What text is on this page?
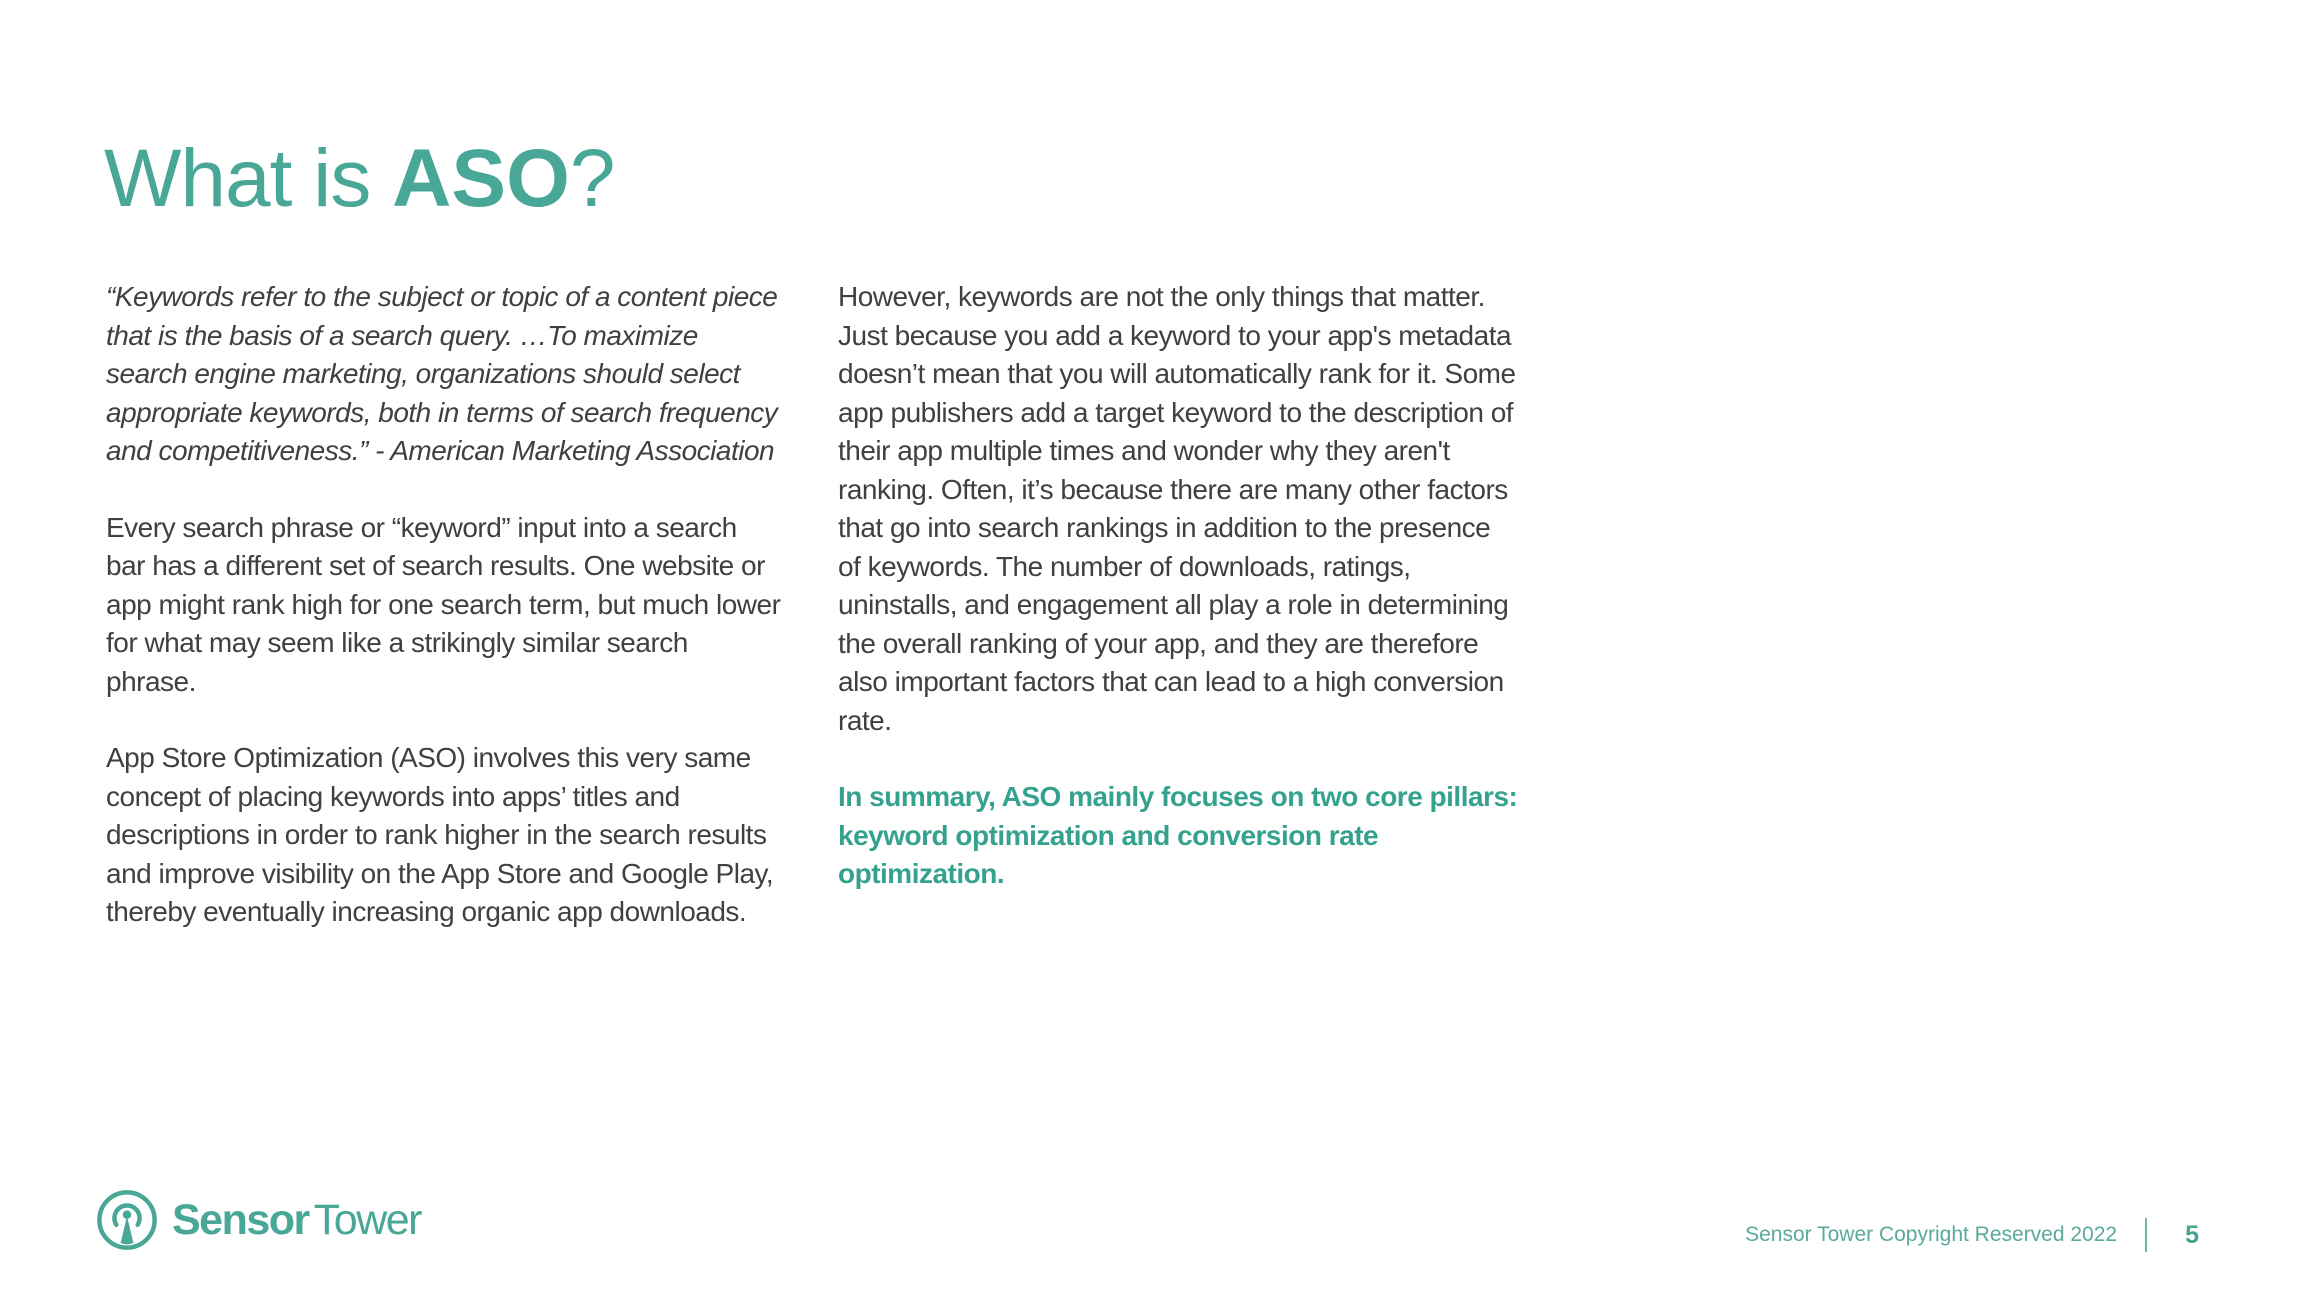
What is ASO?

“Keywords refer to the subject or topic of a content piece that is the basis of a search query. …To maximize search engine marketing, organizations should select appropriate keywords, both in terms of search frequency and competitiveness.” - American Marketing Association

Every search phrase or “keyword” input into a search bar has a different set of search results. One website or app might rank high for one search term, but much lower for what may seem like a strikingly similar search phrase.

App Store Optimization (ASO) involves this very same concept of placing keywords into apps’ titles and descriptions in order to rank higher in the search results and improve visibility on the App Store and Google Play, thereby eventually increasing organic app downloads.

However, keywords are not the only things that matter. Just because you add a keyword to your app's metadata doesn’t mean that you will automatically rank for it. Some app publishers add a target keyword to the description of their app multiple times and wonder why they aren't ranking. Often, it’s because there are many other factors that go into search rankings in addition to the presence of keywords. The number of downloads, ratings, uninstalls, and engagement all play a role in determining the overall ranking of your app, and they are therefore also important factors that can lead to a high conversion rate.

In summary, ASO mainly focuses on two core pillars: keyword optimization and conversion rate optimization.

Sensor Tower	Sensor Tower Copyright Reserved 2022	5
